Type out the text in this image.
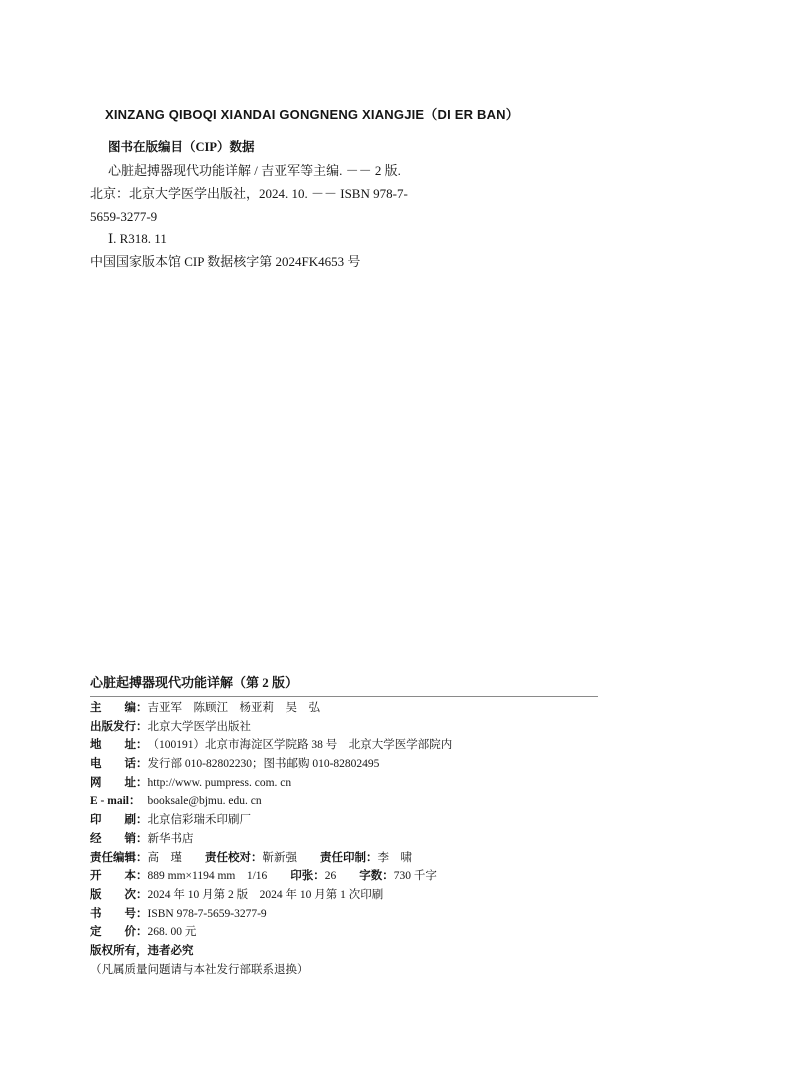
XINZANG QIBOQI XIANDAI GONGNENG XIANGJIE（DI ER BAN）
图书在版编目（CIP）数据
心脏起搏器现代功能详解 / 吉亚军等主编. －－ 2 版.
北京：北京大学医学出版社，2024. 10. －－ ISBN 978-7-
5659-3277-9
Ⅰ. R318. 11
中国国家版本馆 CIP 数据核字第 2024FK4653 号
心脏起搏器现代功能详解（第 2 版）
主　　编：吉亚军　陈顾江　杨亚莉　吴　弘
出版发行：北京大学医学出版社
地　　址：（100191）北京市海淀区学院路 38 号　北京大学医学部院内
电　　话：发行部 010-82802230；图书邮购 010-82802495
网　　址：http://www. pumpress. com. cn
E - mail： booksale@bjmu. edu. cn
印　　刷：北京信彩瑞禾印刷厂
经　　销：新华书店
责任编辑：高　瑾 责任校对：靳新强 责任印制：李　啸
开　　本：889 mm×1194 mm　1/16 印张：26 字数：730 千字
版　　次：2024 年 10 月第 2 版　2024 年 10 月第 1 次印刷
书　　号：ISBN 978-7-5659-3277-9
定　　价：268. 00 元
版权所有，违者必究
（凡属质量问题请与本社发行部联系退换）
